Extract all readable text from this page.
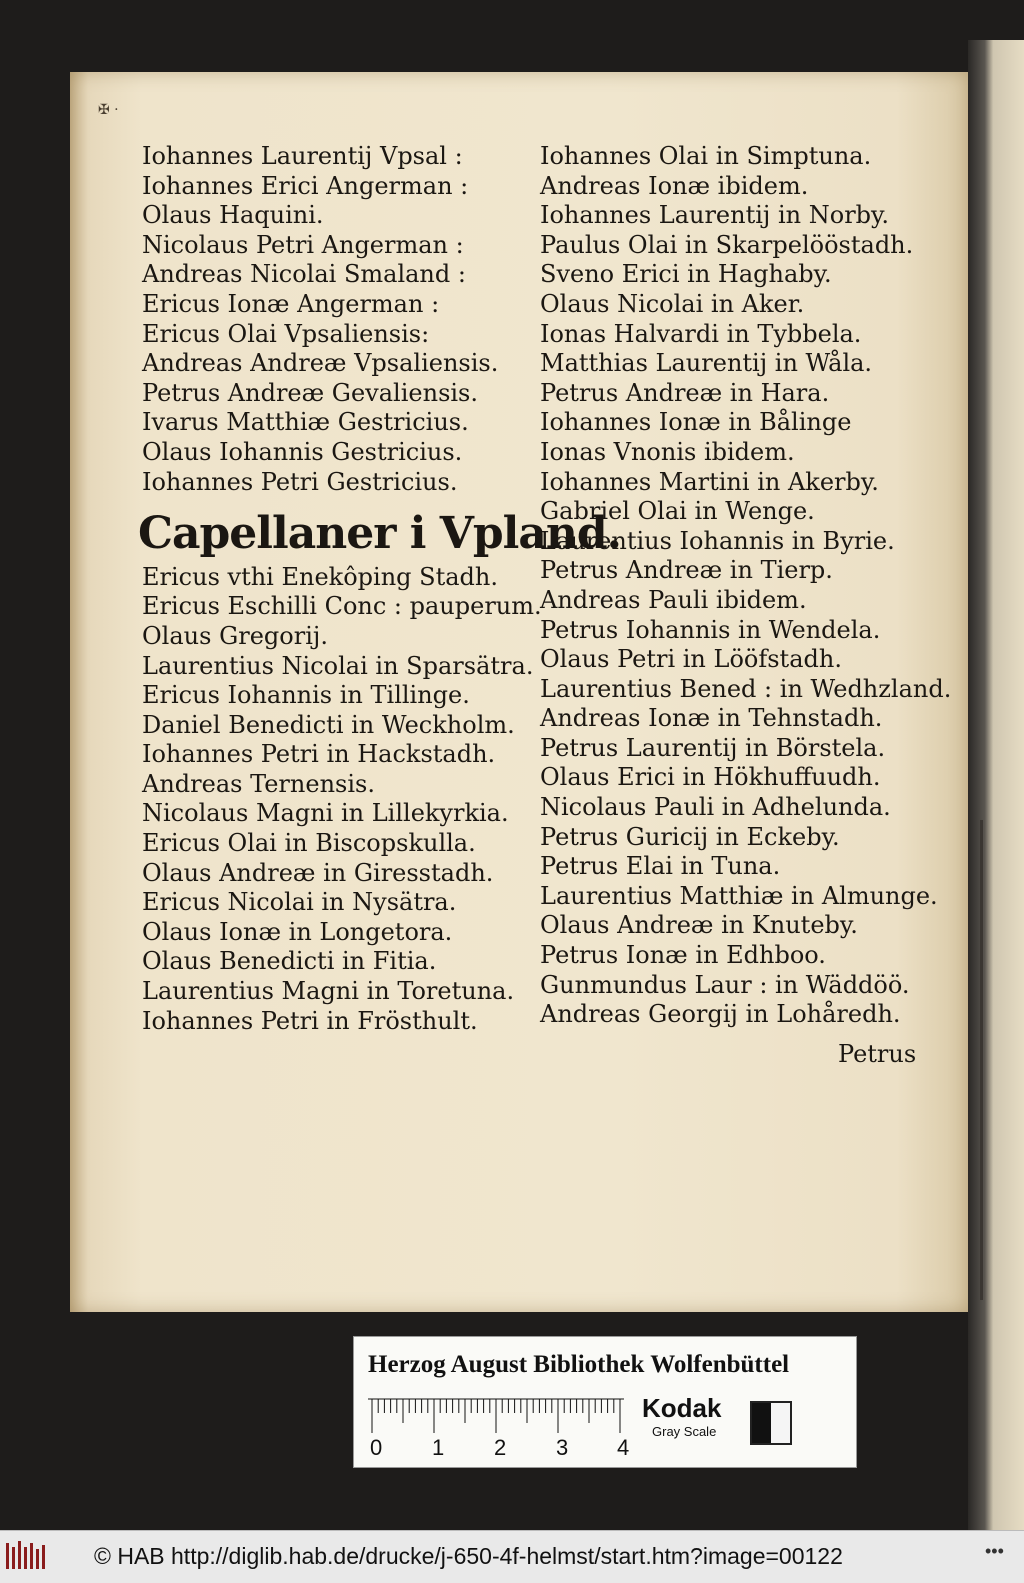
✠ ·
Iohannes Laurentij Vpsal :
Iohannes Erici Angerman :
Olaus Haquini.
Nicolaus Petri Angerman :
Andreas Nicolai Smaland :
Ericus Ionæ Angerman :
Ericus Olai Vpsaliensis:
Andreas Andreæ Vpsaliensis.
Petrus Andreæ Gevaliensis.
Ivarus Matthiæ Gestricius.
Olaus Iohannis Gestricius.
Iohannes Petri Gestricius.
Capellaner i Vpland.
Ericus vthi Enekôping Stadh.
Ericus Eschilli Conc : pauperum.
Olaus Gregorij.
Laurentius Nicolai in Sparsätra.
Ericus Iohannis in Tillinge.
Daniel Benedicti in Weckholm.
Iohannes Petri in Hackstadh.
Andreas Ternensis.
Nicolaus Magni in Lillekyrkia.
Ericus Olai in Biscopskulla.
Olaus Andreæ in Giresstadh.
Ericus Nicolai in Nysätra.
Olaus Ionæ in Longetora.
Olaus Benedicti in Fitia.
Laurentius Magni in Toretuna.
Iohannes Petri in Frösthult.
Iohannes Olai in Simptuna.
Andreas Ionæ ibidem.
Iohannes Laurentij in Norby.
Paulus Olai in Skarpelööstadh.
Sveno Erici in Haghaby.
Olaus Nicolai in Aker.
Ionas Halvardi in Tybbela.
Matthias Laurentij in Wåla.
Petrus Andreæ in Hara.
Iohannes Ionæ in Bålinge
Ionas Vnonis ibidem.
Iohannes Martini in Akerby.
Gabriel Olai in Wenge.
Laurentius Iohannis in Byrie.
Petrus Andreæ in Tierp.
Andreas Pauli ibidem.
Petrus Iohannis in Wendela.
Olaus Petri in Lööfstadh.
Laurentius Bened : in Wedhzland.
Andreas Ionæ in Tehnstadh.
Petrus Laurentij in Börstela.
Olaus Erici in Hökhuffuudh.
Nicolaus Pauli in Adhelunda.
Petrus Guricij in Eckeby.
Petrus Elai in Tuna.
Laurentius Matthiæ in Almunge.
Olaus Andreæ in Knuteby.
Petrus Ionæ in Edhboo.
Gunmundus Laur : in Wäddöö.
Andreas Georgij in Lohåredh.
Petrus
Herzog August Bibliothek Wolfenbüttel
0 1 2 3 4
Kodak
Gray Scale
© HAB http://diglib.hab.de/drucke/j-650-4f-helmst/start.htm?image=00122	•••
